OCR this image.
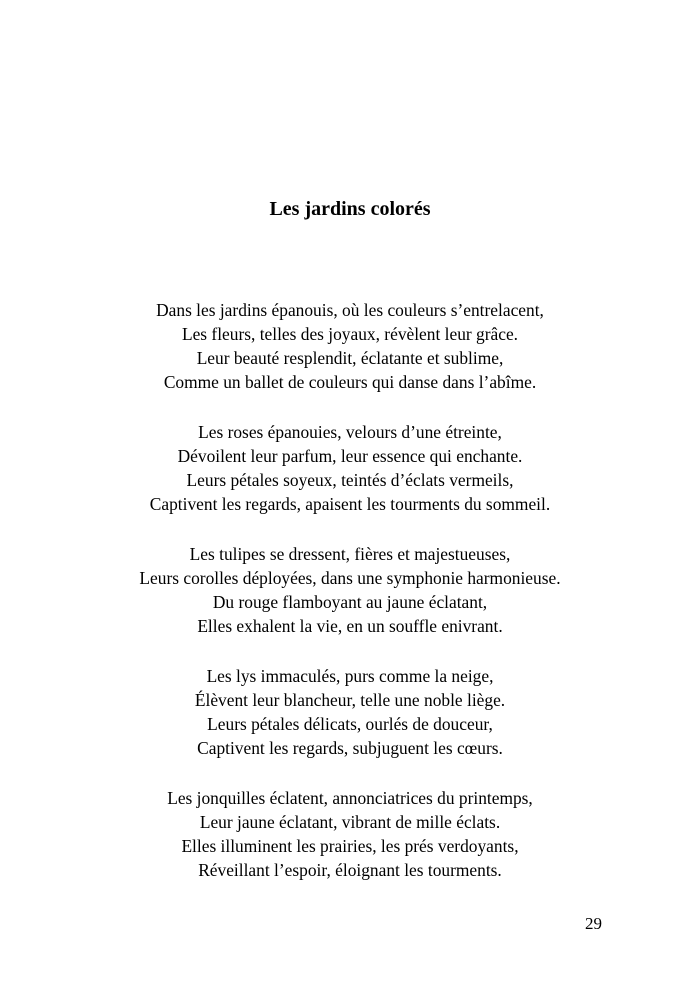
Les jardins colorés
Dans les jardins épanouis, où les couleurs s’entrelacent,
Les fleurs, telles des joyaux, révèlent leur grâce.
Leur beauté resplendit, éclatante et sublime,
Comme un ballet de couleurs qui danse dans l’abîme.
Les roses épanouies, velours d’une étreinte,
Dévoilent leur parfum, leur essence qui enchante.
Leurs pétales soyeux, teintés d’éclats vermeils,
Captivent les regards, apaisent les tourments du sommeil.
Les tulipes se dressent, fières et majestueuses,
Leurs corolles déployées, dans une symphonie harmonieuse.
Du rouge flamboyant au jaune éclatant,
Elles exhalent la vie, en un souffle enivrant.
Les lys immaculés, purs comme la neige,
Élèvent leur blancheur, telle une noble liège.
Leurs pétales délicats, ourlés de douceur,
Captivent les regards, subjuguent les cœurs.
Les jonquilles éclatent, annonciatrices du printemps,
Leur jaune éclatant, vibrant de mille éclats.
Elles illuminent les prairies, les prés verdoyants,
Réveillant l’espoir, éloignant les tourments.
29
